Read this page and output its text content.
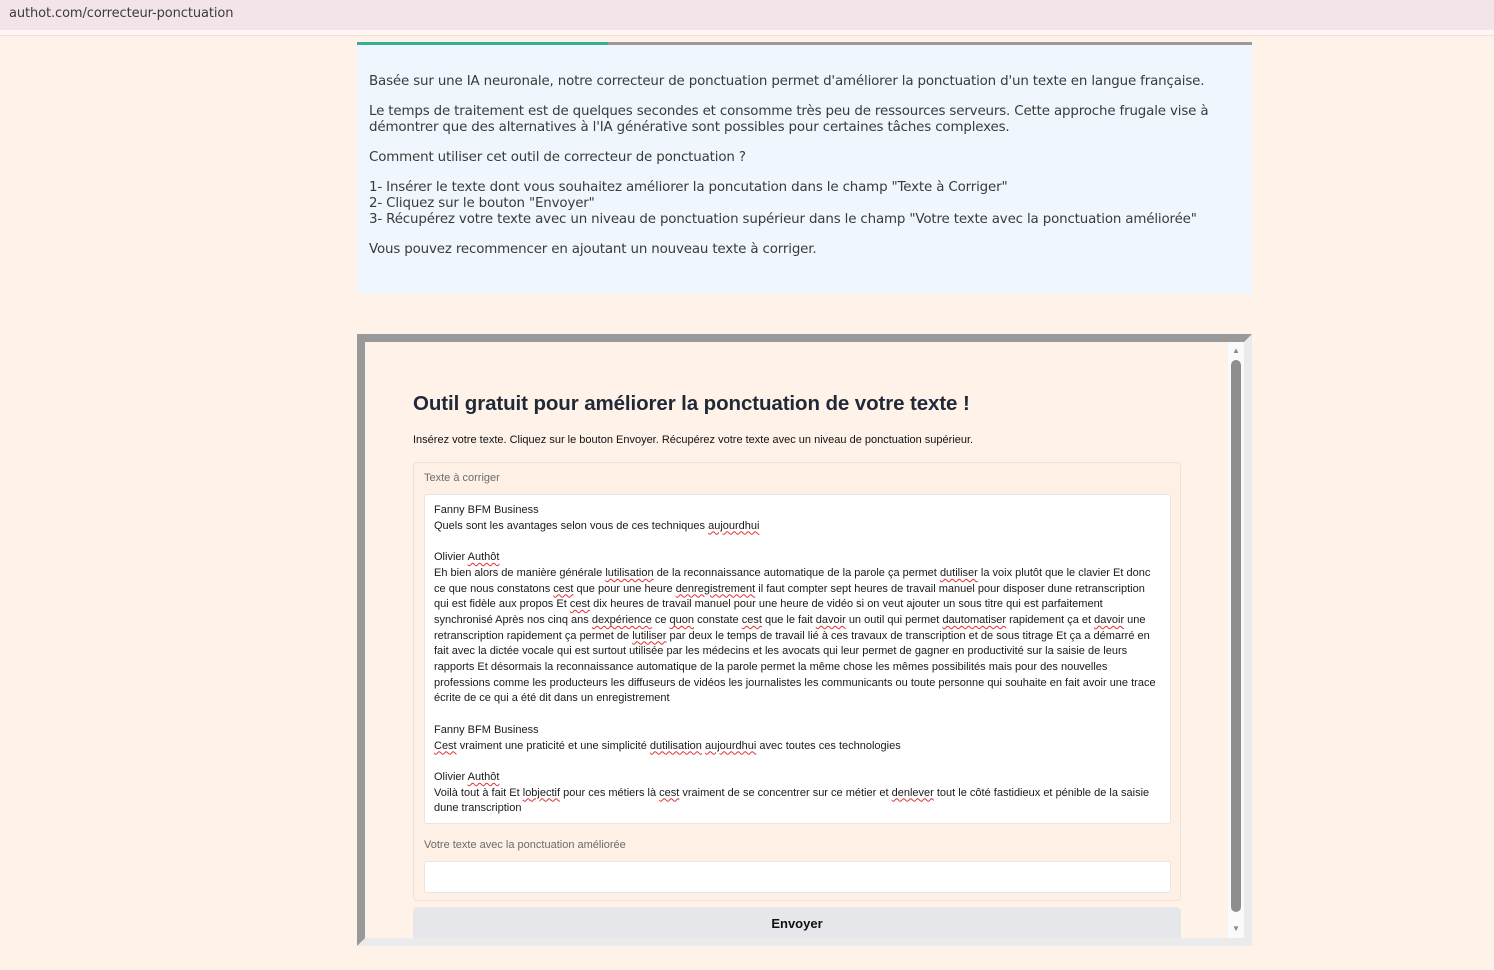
authot.com/correcteur-ponctuation

Basée sur une IA neuronale, notre correcteur de ponctuation permet d'améliorer la ponctuation d'un texte en langue française.

Le temps de traitement est de quelques secondes et consomme très peu de ressources serveurs. Cette approche frugale vise à démontrer que des alternatives à l'IA générative sont possibles pour certaines tâches complexes.

Comment utiliser cet outil de correcteur de ponctuation ?

1- Insérer le texte dont vous souhaitez améliorer la poncutation dans le champ "Texte à Corriger"

2- Cliquez sur le bouton "Envoyer"

3- Récupérez votre texte avec un niveau de ponctuation supérieur dans le champ "Votre texte avec la ponctuation améliorée"

Vous pouvez recommencer en ajoutant un nouveau texte à corriger.

Outil gratuit pour améliorer la ponctuation de votre texte !
Insérez votre texte. Cliquez sur le bouton Envoyer. Récupérez votre texte avec un niveau de ponctuation supérieur.
Texte à corriger
Fanny BFM Business
Quels sont les avantages selon vous de ces techniques aujourdhui
Olivier Authôt
Eh bien alors de manière générale lutilisation de la reconnaissance automatique de la parole ça permet dutiliser la voix plutôt que le clavier Et donc ce que nous constatons cest que pour une heure denregistrement il faut compter sept heures de travail manuel pour disposer dune retranscription qui est fidèle aux propos Et cest dix heures de travail manuel pour une heure de vidéo si on veut ajouter un sous titre qui est parfaitement synchronisé Après nos cinq ans dexpérience ce quon constate cest que le fait davoir un outil qui permet dautomatiser rapidement ça et davoir une retranscription rapidement ça permet de lutiliser par deux le temps de travail lié à ces travaux de transcription et de sous titrage Et ça a démarré en fait avec la dictée vocale qui est surtout utilisée par les médecins et les avocats qui leur permet de gagner en productivité sur la saisie de leurs rapports Et désormais la reconnaissance automatique de la parole permet la même chose les mêmes possibilités mais pour des nouvelles professions comme les producteurs les diffuseurs de vidéos les journalistes les communicants ou toute personne qui souhaite en fait avoir une trace écrite de ce qui a été dit dans un enregistrement
Fanny BFM Business
Cest vraiment une praticité et une simplicité dutilisation aujourdhui avec toutes ces technologies
Olivier Authôt
Voilà tout à fait Et lobjectif pour ces métiers là cest vraiment de se concentrer sur ce métier et denlever tout le côté fastidieux et pénible de la saisie dune transcription
Votre texte avec la ponctuation améliorée
Envoyer
▲
▼
